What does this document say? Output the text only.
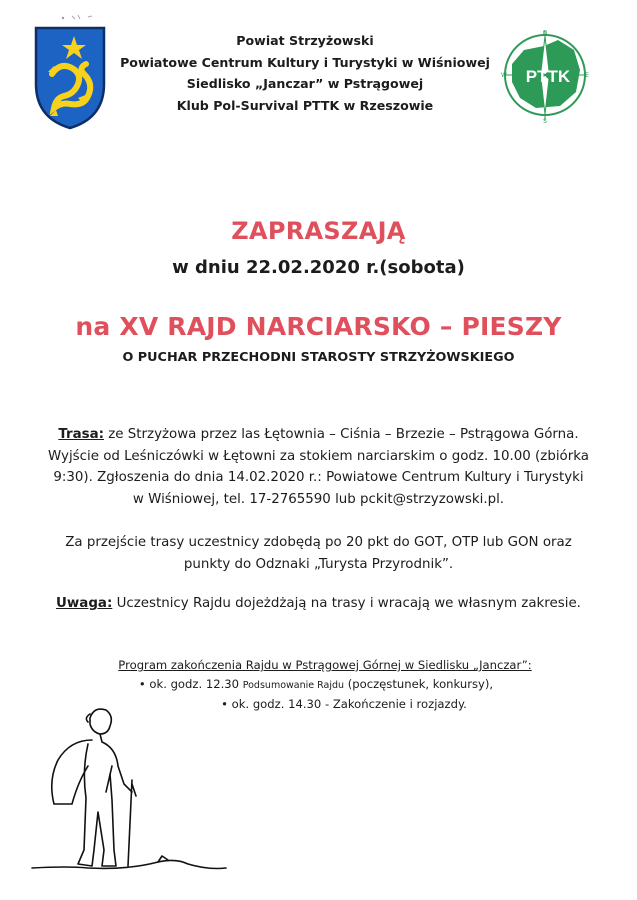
Powiat Strzyżowski
Powiatowe Centrum Kultury i Turystyki w Wiśniowej
Siedlisko „Janczar” w Pstrągowej
Klub Pol-Survival PTTK w Rzeszowie
PTTK
N
E
S
W
ZAPRASZAJĄ
w dniu 22.02.2020 r.(sobota)
na XV RAJD NARCIARSKO – PIESZY
O PUCHAR PRZECHODNI STAROSTY STRZYŻOWSKIEGO
Trasa: ze Strzyżowa przez las Łętownia – Ciśnia – Brzezie – Pstrągowa Górna.
Wyjście od Leśniczówki w Łętowni za stokiem narciarskim o godz. 10.00 (zbiórka
9:30). Zgłoszenia do dnia 14.02.2020 r.: Powiatowe Centrum Kultury i Turystyki
w Wiśniowej, tel. 17-2765590 lub pckit@strzyzowski.pl.
Za przejście trasy uczestnicy zdobędą po 20 pkt do GOT, OTP lub GON oraz
punkty do Odznaki „Turysta Przyrodnik”.
Uwaga: Uczestnicy Rajdu dojeżdżają na trasy i wracają we własnym zakresie.
Program zakończenia Rajdu w Pstrągowej Górnej w Siedlisku „Janczar”:
• ok. godz. 12.30 Podsumowanie Rajdu (poczęstunek, konkursy),
• ok. godz. 14.30 - Zakończenie i rozjazdy.
